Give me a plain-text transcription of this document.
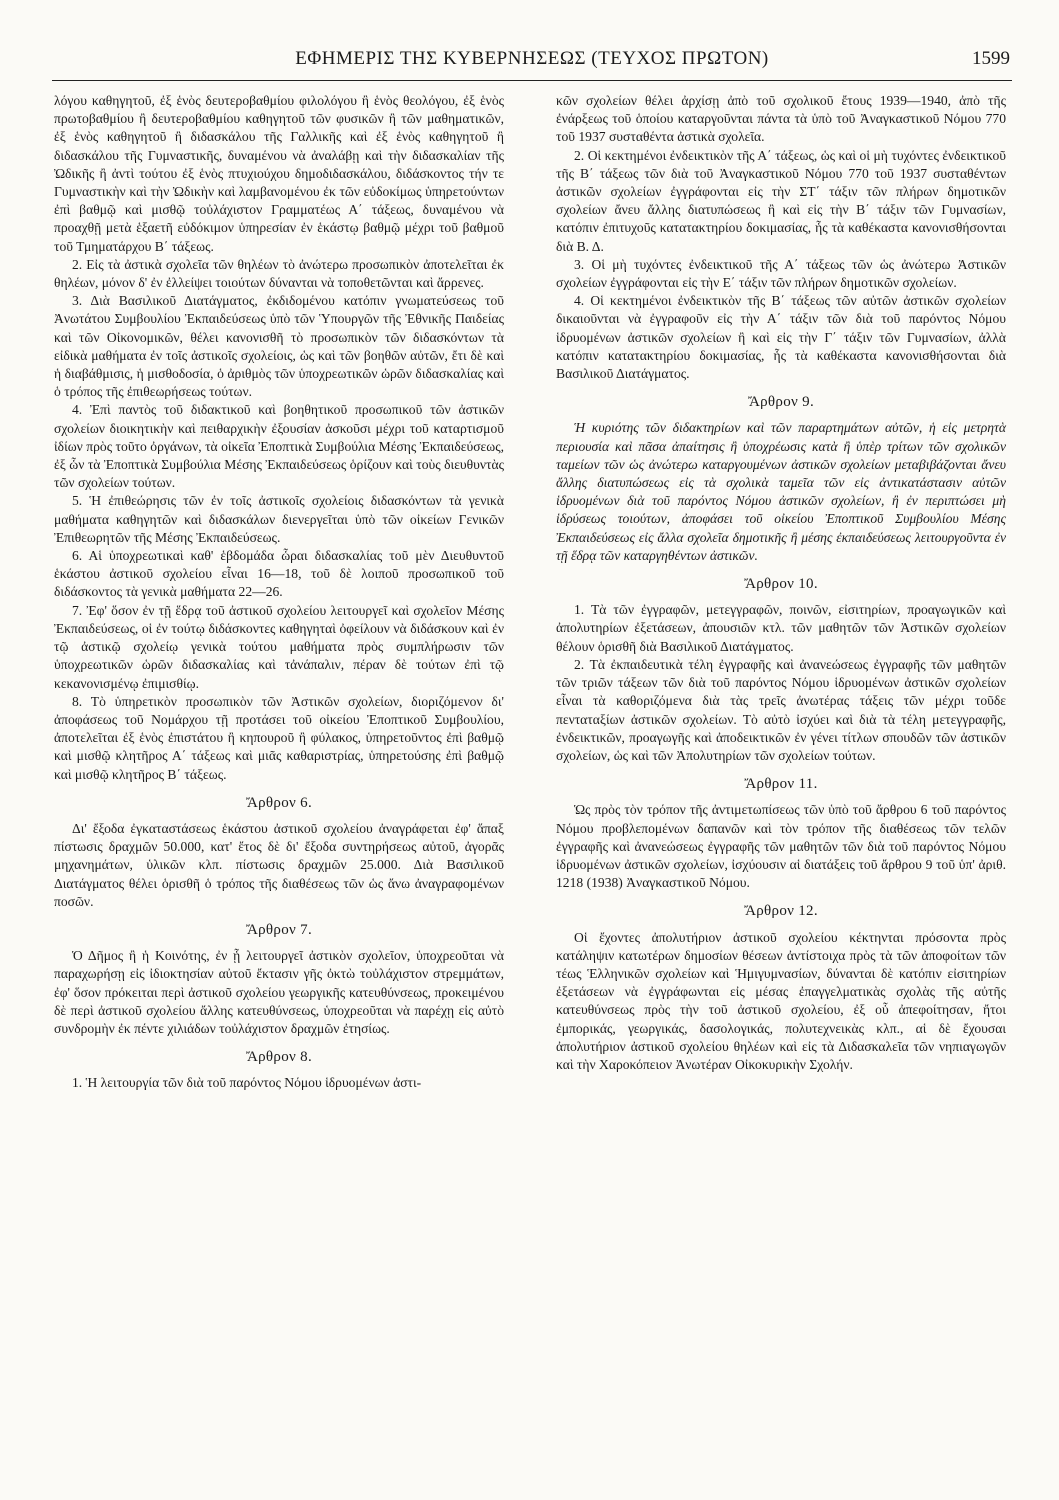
ΕΦΗΜΕΡΙΣ ΤΗΣ ΚΥΒΕΡΝΗΣΕΩΣ (ΤΕΥΧΟΣ ΠΡΩΤΟΝ)	1599

λόγου καθηγητοῦ, ἐξ ἑνὸς δευτεροβαθμίου φιλολόγου ἢ ἑνὸς θεολόγου, ἐξ ἑνὸς πρωτοβαθμίου ἢ δευτεροβαθμίου καθηγητοῦ τῶν φυσικῶν ἢ τῶν μαθηματικῶν, ἐξ ἑνὸς καθηγητοῦ ἢ διδασκάλου τῆς Γαλλικῆς καὶ ἐξ ἑνὸς καθηγητοῦ ἢ διδασκάλου τῆς Γυμναστικῆς, δυναμένου νὰ ἀναλάβῃ καὶ τὴν διδασκαλίαν τῆς Ὠδικῆς ἢ ἀντὶ τούτου ἐξ ἑνὸς πτυχιούχου δημοδιδασκάλου, διδάσκοντος τήν τε Γυμναστικὴν καὶ τὴν Ὠδικὴν καὶ λαμβανομένου ἐκ τῶν εὐδοκίμως ὑπηρετούντων ἐπὶ βαθμῷ καὶ μισθῷ τοὐλάχιστον Γραμματέως Α΄ τάξεως, δυναμένου νὰ προαχθῇ μετὰ ἑξαετῆ εὐδόκιμον ὑπηρεσίαν ἐν ἑκάστῳ βαθμῷ μέχρι τοῦ βαθμοῦ τοῦ Τμηματάρχου Β΄ τάξεως.

2. Εἰς τὰ ἀστικὰ σχολεῖα τῶν θηλέων τὸ ἀνώτερω προσωπικὸν ἀποτελεῖται ἐκ θηλέων, μόνον δ' ἐν ἐλλείψει τοιούτων δύνανται νὰ τοποθετῶνται καὶ ἄρρενες.

3. Διὰ Βασιλικοῦ Διατάγματος, ἐκδιδομένου κατόπιν γνωματεύσεως τοῦ Ἀνωτάτου Συμβουλίου Ἐκπαιδεύσεως ὑπὸ τῶν Ὑπουργῶν τῆς Ἐθνικῆς Παιδείας καὶ τῶν Οἰκονομικῶν, θέλει κανονισθῆ τὸ προσωπικὸν τῶν διδασκόντων τὰ εἰδικὰ μαθήματα ἐν τοῖς ἀστικοῖς σχολείοις, ὡς καὶ τῶν βοηθῶν αὐτῶν, ἔτι δὲ καὶ ἡ διαβάθμισις, ἡ μισθοδοσία, ὁ ἀριθμὸς τῶν ὑποχρεωτικῶν ὡρῶν διδασκαλίας καὶ ὁ τρόπος τῆς ἐπιθεωρήσεως τούτων.

4. Ἐπὶ παντὸς τοῦ διδακτικοῦ καὶ βοηθητικοῦ προσωπικοῦ τῶν ἀστικῶν σχολείων διοικητικὴν καὶ πειθαρχικὴν ἐξουσίαν ἀσκοῦσι μέχρι τοῦ καταρτισμοῦ ἰδίων πρὸς τοῦτο ὀργάνων, τὰ οἰκεῖα Ἐποπτικὰ Συμβούλια Μέσης Ἐκπαιδεύσεως, ἐξ ὧν τὰ Ἐποπτικὰ Συμβούλια Μέσης Ἐκπαιδεύσεως ὁρίζουν καὶ τοὺς διευθυντὰς τῶν σχολείων τούτων.

5. Ἡ ἐπιθεώρησις τῶν ἐν τοῖς ἀστικοῖς σχολείοις διδασκόντων τὰ γενικὰ μαθήματα καθηγητῶν καὶ διδασκάλων διενεργεῖται ὑπὸ τῶν οἰκείων Γενικῶν Ἐπιθεωρητῶν τῆς Μέσης Ἐκπαιδεύσεως.

6. Αἱ ὑποχρεωτικαὶ καθ' ἑβδομάδα ὧραι διδασκαλίας τοῦ μὲν Διευθυντοῦ ἑκάστου ἀστικοῦ σχολείου εἶναι 16—18, τοῦ δὲ λοιποῦ προσωπικοῦ τοῦ διδάσκοντος τὰ γενικὰ μαθήματα 22—26.

7. Ἐφ' ὅσον ἐν τῇ ἕδρᾳ τοῦ ἀστικοῦ σχολείου λειτουργεῖ καὶ σχολεῖον Μέσης Ἐκπαιδεύσεως, οἱ ἐν τούτῳ διδάσκοντες καθηγηταὶ ὀφείλουν νὰ διδάσκουν καὶ ἐν τῷ ἀστικῷ σχολείῳ γενικὰ τούτου μαθήματα πρὸς συμπλήρωσιν τῶν ὑποχρεωτικῶν ὡρῶν διδασκαλίας καὶ τἀνάπαλιν, πέραν δὲ τούτων ἐπὶ τῷ κεκανονισμένῳ ἐπιμισθίῳ.

8. Τὸ ὑπηρετικὸν προσωπικὸν τῶν Ἀστικῶν σχολείων, διοριζόμενον δι' ἀποφάσεως τοῦ Νομάρχου τῇ προτάσει τοῦ οἰκείου Ἐποπτικοῦ Συμβουλίου, ἀποτελεῖται ἐξ ἑνὸς ἐπιστάτου ἢ κηπουροῦ ἢ φύλακος, ὑπηρετοῦντος ἐπὶ βαθμῷ καὶ μισθῷ κλητῆρος Α΄ τάξεως καὶ μιᾶς καθαριστρίας, ὑπηρετούσης ἐπὶ βαθμῷ καὶ μισθῷ κλητῆρος Β΄ τάξεως.

Ἄρθρον 6.

Δι' ἔξοδα ἐγκαταστάσεως ἑκάστου ἀστικοῦ σχολείου ἀναγράφεται ἐφ' ἅπαξ πίστωσις δραχμῶν 50.000, κατ' ἔτος δὲ δι' ἔξοδα συντηρήσεως αὐτοῦ, ἀγορᾶς μηχανημάτων, ὑλικῶν κλπ. πίστωσις δραχμῶν 25.000. Διὰ Βασιλικοῦ Διατάγματος θέλει ὁρισθῆ ὁ τρόπος τῆς διαθέσεως τῶν ὡς ἄνω ἀναγραφομένων ποσῶν.

Ἄρθρον 7.

Ὁ Δῆμος ἢ ἡ Κοινότης, ἐν ᾗ λειτουργεῖ ἀστικὸν σχολεῖον, ὑποχρεοῦται νὰ παραχωρήσῃ εἰς ἰδιοκτησίαν αὐτοῦ ἔκτασιν γῆς ὀκτὼ τοὐλάχιστον στρεμμάτων, ἐφ' ὅσον πρόκειται περὶ ἀστικοῦ σχολείου γεωργικῆς κατευθύνσεως, προκειμένου δὲ περὶ ἀστικοῦ σχολείου ἄλλης κατευθύνσεως, ὑποχρεοῦται νὰ παρέχῃ εἰς αὐτὸ συνδρομὴν ἐκ πέντε χιλιάδων τοὐλάχιστον δραχμῶν ἐτησίως.

Ἄρθρον 8.

1. Ἡ λειτουργία τῶν διὰ τοῦ παρόντος Νόμου ἱδρυομένων ἀστι-

κῶν σχολείων θέλει ἀρχίσῃ ἀπὸ τοῦ σχολικοῦ ἔτους 1939—1940, ἀπὸ τῆς ἐνάρξεως τοῦ ὁποίου καταργοῦνται πάντα τὰ ὑπὸ τοῦ Ἀναγκαστικοῦ Νόμου 770 τοῦ 1937 συσταθέντα ἀστικὰ σχολεῖα.

2. Οἱ κεκτημένοι ἐνδεικτικὸν τῆς Α΄ τάξεως, ὡς καὶ οἱ μὴ τυχόντες ἐνδεικτικοῦ τῆς Β΄ τάξεως τῶν διὰ τοῦ Ἀναγκαστικοῦ Νόμου 770 τοῦ 1937 συσταθέντων ἀστικῶν σχολείων ἐγγράφονται εἰς τὴν ΣΤ΄ τάξιν τῶν πλήρων δημοτικῶν σχολείων ἄνευ ἄλλης διατυπώσεως ἢ καὶ εἰς τὴν Β΄ τάξιν τῶν Γυμνασίων, κατόπιν ἐπιτυχοῦς κατατακτηρίου δοκιμασίας, ἧς τὰ καθέκαστα κανονισθήσονται διὰ Β. Δ.

3. Οἱ μὴ τυχόντες ἐνδεικτικοῦ τῆς Α΄ τάξεως τῶν ὡς ἀνώτερω Ἀστικῶν σχολείων ἐγγράφονται εἰς τὴν Ε΄ τάξιν τῶν πλήρων δημοτικῶν σχολείων.

4. Οἱ κεκτημένοι ἐνδεικτικὸν τῆς Β΄ τάξεως τῶν αὐτῶν ἀστικῶν σχολείων δικαιοῦνται νὰ ἐγγραφοῦν εἰς τὴν Α΄ τάξιν τῶν διὰ τοῦ παρόντος Νόμου ἱδρυομένων ἀστικῶν σχολείων ἢ καὶ εἰς τὴν Γ΄ τάξιν τῶν Γυμνασίων, ἀλλὰ κατόπιν κατατακτηρίου δοκιμασίας, ἧς τὰ καθέκαστα κανονισθήσονται διὰ Βασιλικοῦ Διατάγματος.

Ἄρθρον 9.

Ἡ κυριότης τῶν διδακτηρίων καὶ τῶν παραρτημάτων αὐτῶν, ἡ εἰς μετρητὰ περιουσία καὶ πᾶσα ἀπαίτησις ἢ ὑποχρέωσις κατὰ ἢ ὑπὲρ τρίτων τῶν σχολικῶν ταμείων τῶν ὡς ἀνώτερω καταργουμένων ἀστικῶν σχολείων μεταβιβάζονται ἄνευ ἄλλης διατυπώσεως εἰς τὰ σχολικὰ ταμεῖα τῶν εἰς ἀντικατάστασιν αὐτῶν ἱδρυομένων διὰ τοῦ παρόντος Νόμου ἀστικῶν σχολείων, ἢ ἐν περιπτώσει μὴ ἱδρύσεως τοιούτων, ἀποφάσει τοῦ οἰκείου Ἐποπτικοῦ Συμβουλίου Μέσης Ἐκπαιδεύσεως εἰς ἄλλα σχολεῖα δημοτικῆς ἢ μέσης ἐκπαιδεύσεως λειτουργοῦντα ἐν τῇ ἕδρᾳ τῶν καταργηθέντων ἀστικῶν.

Ἄρθρον 10.

1. Τὰ τῶν ἐγγραφῶν, μετεγγραφῶν, ποινῶν, εἰσιτηρίων, προαγωγικῶν καὶ ἀπολυτηρίων ἐξετάσεων, ἀπουσιῶν κτλ. τῶν μαθητῶν τῶν Ἀστικῶν σχολείων θέλουν ὁρισθῆ διὰ Βασιλικοῦ Διατάγματος.

2. Τὰ ἐκπαιδευτικὰ τέλη ἐγγραφῆς καὶ ἀνανεώσεως ἐγγραφῆς τῶν μαθητῶν τῶν τριῶν τάξεων τῶν διὰ τοῦ παρόντος Νόμου ἱδρυομένων ἀστικῶν σχολείων εἶναι τὰ καθοριζόμενα διὰ τὰς τρεῖς ἀνωτέρας τάξεις τῶν μέχρι τοῦδε πενταταξίων ἀστικῶν σχολείων. Τὸ αὐτὸ ἰσχύει καὶ διὰ τὰ τέλη μετεγγραφῆς, ἐνδεικτικῶν, προαγωγῆς καὶ ἀποδεικτικῶν ἐν γένει τίτλων σπουδῶν τῶν ἀστικῶν σχολείων, ὡς καὶ τῶν Ἀπολυτηρίων τῶν σχολείων τούτων.

Ἄρθρον 11.

Ὡς πρὸς τὸν τρόπον τῆς ἀντιμετωπίσεως τῶν ὑπὸ τοῦ ἄρθρου 6 τοῦ παρόντος Νόμου προβλεπομένων δαπανῶν καὶ τὸν τρόπον τῆς διαθέσεως τῶν τελῶν ἐγγραφῆς καὶ ἀνανεώσεως ἐγγραφῆς τῶν μαθητῶν τῶν διὰ τοῦ παρόντος Νόμου ἱδρυομένων ἀστικῶν σχολείων, ἰσχύουσιν αἱ διατάξεις τοῦ ἄρθρου 9 τοῦ ὑπ' ἀριθ. 1218 (1938) Ἀναγκαστικοῦ Νόμου.

Ἄρθρον 12.

Οἱ ἔχοντες ἀπολυτήριον ἀστικοῦ σχολείου κέκτηνται πρόσοντα πρὸς κατάληψιν κατωτέρων δημοσίων θέσεων ἀντίστοιχα πρὸς τὰ τῶν ἀποφοίτων τῶν τέως Ἑλληνικῶν σχολείων καὶ Ἡμιγυμνασίων, δύνανται δὲ κατόπιν εἰσιτηρίων ἐξετάσεων νὰ ἐγγράφωνται εἰς μέσας ἐπαγγελματικὰς σχολὰς τῆς αὐτῆς κατευθύνσεως πρὸς τὴν τοῦ ἀστικοῦ σχολείου, ἐξ οὗ ἀπεφοίτησαν, ἤτοι ἐμπορικάς, γεωργικάς, δασολογικάς, πολυτεχνεικὰς κλπ., αἱ δὲ ἔχουσαι ἀπολυτήριον ἀστικοῦ σχολείου θηλέων καὶ εἰς τὰ Διδασκαλεῖα τῶν νηπιαγωγῶν καὶ τὴν Χαροκόπειον Ἀνωτέραν Οἰκοκυρικὴν Σχολήν.
